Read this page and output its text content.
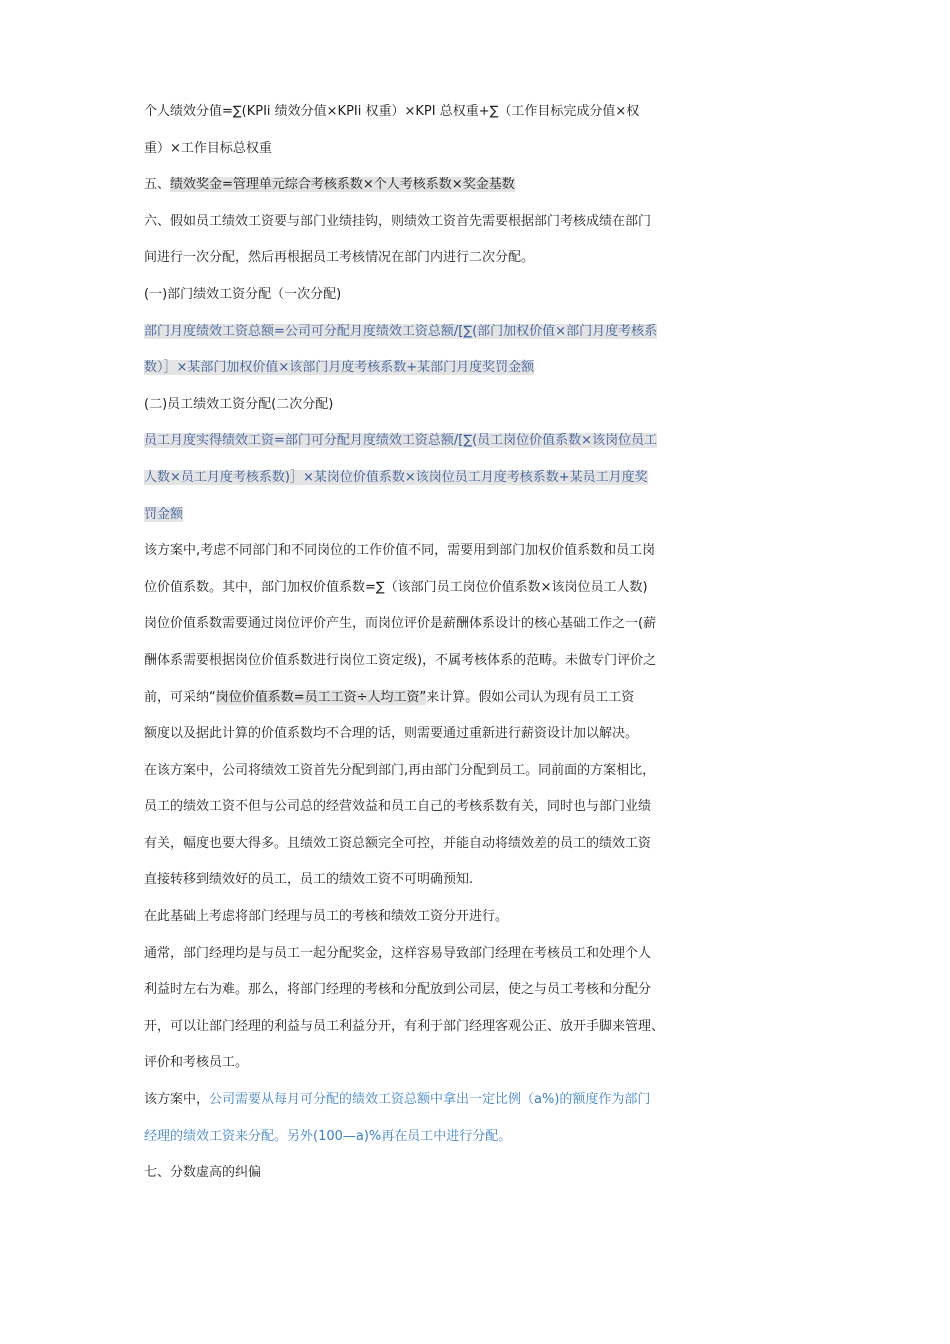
个人绩效分值=∑(KPIi 绩效分值×KPIi 权重）×KPI 总权重+∑（工作目标完成分值×权

重）×工作目标总权重

五、绩效奖金=管理单元综合考核系数×个人考核系数×奖金基数

六、假如员工绩效工资要与部门业绩挂钩，则绩效工资首先需要根据部门考核成绩在部门

间进行一次分配，然后再根据员工考核情况在部门内进行二次分配。

(一)部门绩效工资分配（一次分配)

部门月度绩效工资总额=公司可分配月度绩效工资总额/[∑(部门加权价值×部门月度考核系

数）］×某部门加权价值×该部门月度考核系数+某部门月度奖罚金额

(二)员工绩效工资分配(二次分配)

员工月度实得绩效工资=部门可分配月度绩效工资总额/[∑(员工岗位价值系数×该岗位员工

人数×员工月度考核系数)］×某岗位价值系数×该岗位员工月度考核系数+某员工月度奖

罚金额

该方案中,考虑不同部门和不同岗位的工作价值不同，需要用到部门加权价值系数和员工岗

位价值系数。其中，部门加权价值系数=∑（该部门员工岗位价值系数×该岗位员工人数)

岗位价值系数需要通过岗位评价产生，而岗位评价是薪酬体系设计的核心基础工作之一(薪

酬体系需要根据岗位价值系数进行岗位工资定级)，不属考核体系的范畴。未做专门评价之

前，可采纳“岗位价值系数=员工工资÷人均工资”来计算。假如公司认为现有员工工资

额度以及据此计算的价值系数均不合理的话，则需要通过重新进行薪资设计加以解决。

在该方案中，公司将绩效工资首先分配到部门,再由部门分配到员工。同前面的方案相比，

员工的绩效工资不但与公司总的经营效益和员工自己的考核系数有关，同时也与部门业绩

有关，幅度也要大得多。且绩效工资总额完全可控，并能自动将绩效差的员工的绩效工资

直接转移到绩效好的员工，员工的绩效工资不可明确预知.

在此基础上考虑将部门经理与员工的考核和绩效工资分开进行。

通常，部门经理均是与员工一起分配奖金，这样容易导致部门经理在考核员工和处理个人

利益时左右为难。那么，将部门经理的考核和分配放到公司层，使之与员工考核和分配分

开，可以让部门经理的利益与员工利益分开，有利于部门经理客观公正、放开手脚来管理、

评价和考核员工。

该方案中，公司需要从每月可分配的绩效工资总额中拿出一定比例（a%)的额度作为部门

经理的绩效工资来分配。另外(100—a)%再在员工中进行分配。

七、分数虚高的纠偏
